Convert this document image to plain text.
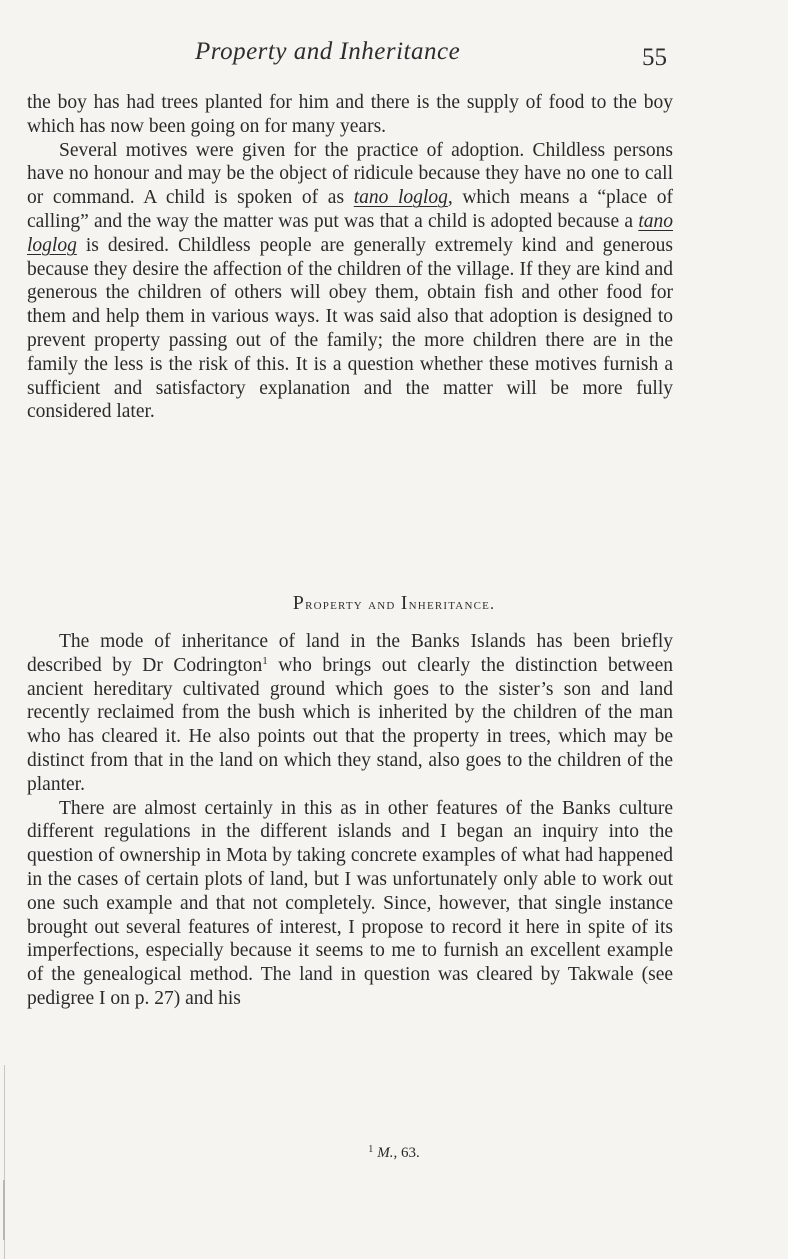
Property and Inheritance	55

the boy has had trees planted for him and there is the supply of food to the boy which has now been going on for many years.

Several motives were given for the practice of adoption. Childless persons have no honour and may be the object of ridicule because they have no one to call or command. A child is spoken of as tano loglog, which means a “place of calling” and the way the matter was put was that a child is adopted because a tano loglog is desired. Childless people are generally extremely kind and generous because they desire the affection of the children of the village. If they are kind and generous the children of others will obey them, obtain fish and other food for them and help them in various ways. It was said also that adoption is designed to prevent property passing out of the family; the more children there are in the family the less is the risk of this. It is a question whether these motives furnish a sufficient and satisfactory explanation and the matter will be more fully considered later.

Property and Inheritance.

The mode of inheritance of land in the Banks Islands has been briefly described by Dr Codrington$^1$ who brings out clearly the distinction between ancient hereditary cultivated ground which goes to the sister’s son and land recently reclaimed from the bush which is inherited by the children of the man who has cleared it. He also points out that the property in trees, which may be distinct from that in the land on which they stand, also goes to the children of the planter.

There are almost certainly in this as in other features of the Banks culture different regulations in the different islands and I began an inquiry into the question of ownership in Mota by taking concrete examples of what had happened in the cases of certain plots of land, but I was unfortunately only able to work out one such example and that not completely. Since, however, that single instance brought out several features of interest, I propose to record it here in spite of its imperfections, especially because it seems to me to furnish an excellent example of the genealogical method. The land in question was cleared by Takwale (see pedigree I on p. 27) and his

$^1$ M., 63.
